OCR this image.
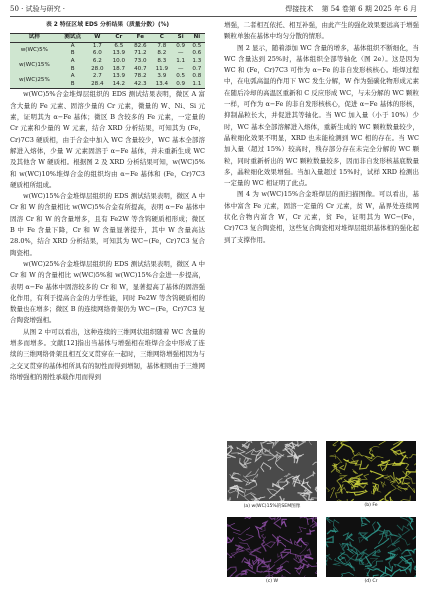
50 · 试验与研究 ·	焊接技术 第 54 卷第 6 期 2025 年 6 月
表 2 特征区域 EDS 分析结果（质量分数）(%)
试样	测试点	W	Cr	Fe	C	Si	Ni
w(WC)5%	A	1.7	6.5	82.6	7.8	0.9	0.5
	B	6.0	13.9	71.2	8.2	—	0.6
w(WC)15%	A	6.2	10.0	73.0	8.3	1.1	1.3
	B	28.0	18.7	40.7	11.9	—	0.7
w(WC)25%	A	2.7	13.9	78.2	3.9	0.5	0.8
	B	28.4	14.2	42.3	13.4	0.9	1.1

w(WC)5%合金堆焊层组织的 EDS 测试结果表明，微区 A 富含大量的 Fe 元素、固溶少量的 Cr 元素，微量的 W、Ni、Si 元素，证明其为 α−Fe 基体；微区 B 含较多的 Fe 元素，一定量的 Cr 元素和少量的 W 元素，结合 XRD 分析结果，可知其为 (Fe，Cr)7C3 硬质相，由于合金中加入 WC 含量较少，WC 基本全部溶解进入熔体，少量 W 元素固溶于 α−Fe 基体，并未重新生成 WC 及其他含 W 硬质相。根据图 2 及 XRD 分析结果可知，w(WC)5%和 w(WC)10%堆焊合金的组织均由 α−Fe 基体和 (Fe，Cr)7C3 硬质相所组成。

w(WC)15%合金堆焊层组织的 EDS 测试结果表明，微区 A 中 Cr 和 W 的含量相比 w(WC)5%合金有所提高，表明 α−Fe 基体中固溶 Cr 和 W 的含量增多，且有 Fe2W 等含钨硬质相形成；微区 B 中 Fe 含量下降，Cr 和 W 含量显著提升，其中 W 含量高达 28.0%，结合 XRD 分析结果，可知其为 WC−(Fe，Cr)7C3 复合陶瓷相。

w(WC)25%合金堆焊层组织的 EDS 测试结果表明，微区 A 中 Cr 和 W 的含量相比 w(WC)5%和 w(WC)15%合金进一步提高，表明 α−Fe 基体中固溶较多的 Cr 和 W，显著提高了基体的固溶强化作用，有利于提高合金的力学性能，同时 Fe2W 等含钨硬质相的数量也在增多；微区 B 的连续网络骨架仍为 WC−(Fe，Cr)7C3 复合陶瓷增强相。

从图 2 中可以看出，这种连续的三维网状组织随着 WC 含量的增多而增多。文献[12]指出当基体与增强相在堆焊合金中形成了连续的三维网络骨架且相互交叉贯穿在一起时，三维网络增强相因为与之交叉贯穿的基体相所具有的韧性而得到增韧，基体相则由于三维网络增强相的刚性承载作用而得到

增强，二者相互依托、相互补强，由此产生的强化效果要远高于增强颗粒单独在基体中均匀分散的情形。

图 2 显示，随着添加 WC 含量的增多，基体组织不断细化，当 WC 含量达到 25%时，基体组织全部等轴化（图 2e）。这是因为 WC 和 (Fe，Cr)7C3 可作为 α−Fe 的非自发形核核心。堆焊过程中，在电弧高温的作用下 WC 发生分解，W 作为强碳化物形成元素在随后冷却的高温区重新和 C 反应形成 WC，与未分解的 WC 颗粒一样，可作为 α−Fe 的非自发形核核心，促进 α−Fe 基体的形核，抑制晶粒长大，并促进其等轴化。当 WC 加入量（小于 10%）少时，WC 基本全部溶解进入熔体，重新生成的 WC 颗粒数量较少，晶粒细化效果不明显，XRD 也未能检测到 WC 相的存在。当 WC 加入量（超过 15%）较高时，残存部分存在未完全分解的 WC 颗粒，同时重新析出的 WC 颗粒数量较多，因而非自发形核基底数量多，晶粒细化效果增强。当加入量超过 15%时，试样 XRD 检测出一定量的 WC 相证明了此点。

图 4 为 w(WC)15%合金堆焊层的面扫描图像。可以看出，基体中富含 Fe 元素，固溶一定量的 Cr 元素，贫 W，晶界处连续网状化合物内富含 W，Cr 元素，贫 Fe，证明其为 WC−(Fe，Cr)7C3 复合陶瓷相，这些复合陶瓷相对堆焊层组织基体相的强化起到了支撑作用。

(a) w(WC)15%的SEM图像	(b) Fe
(c) W	(d) Cr
